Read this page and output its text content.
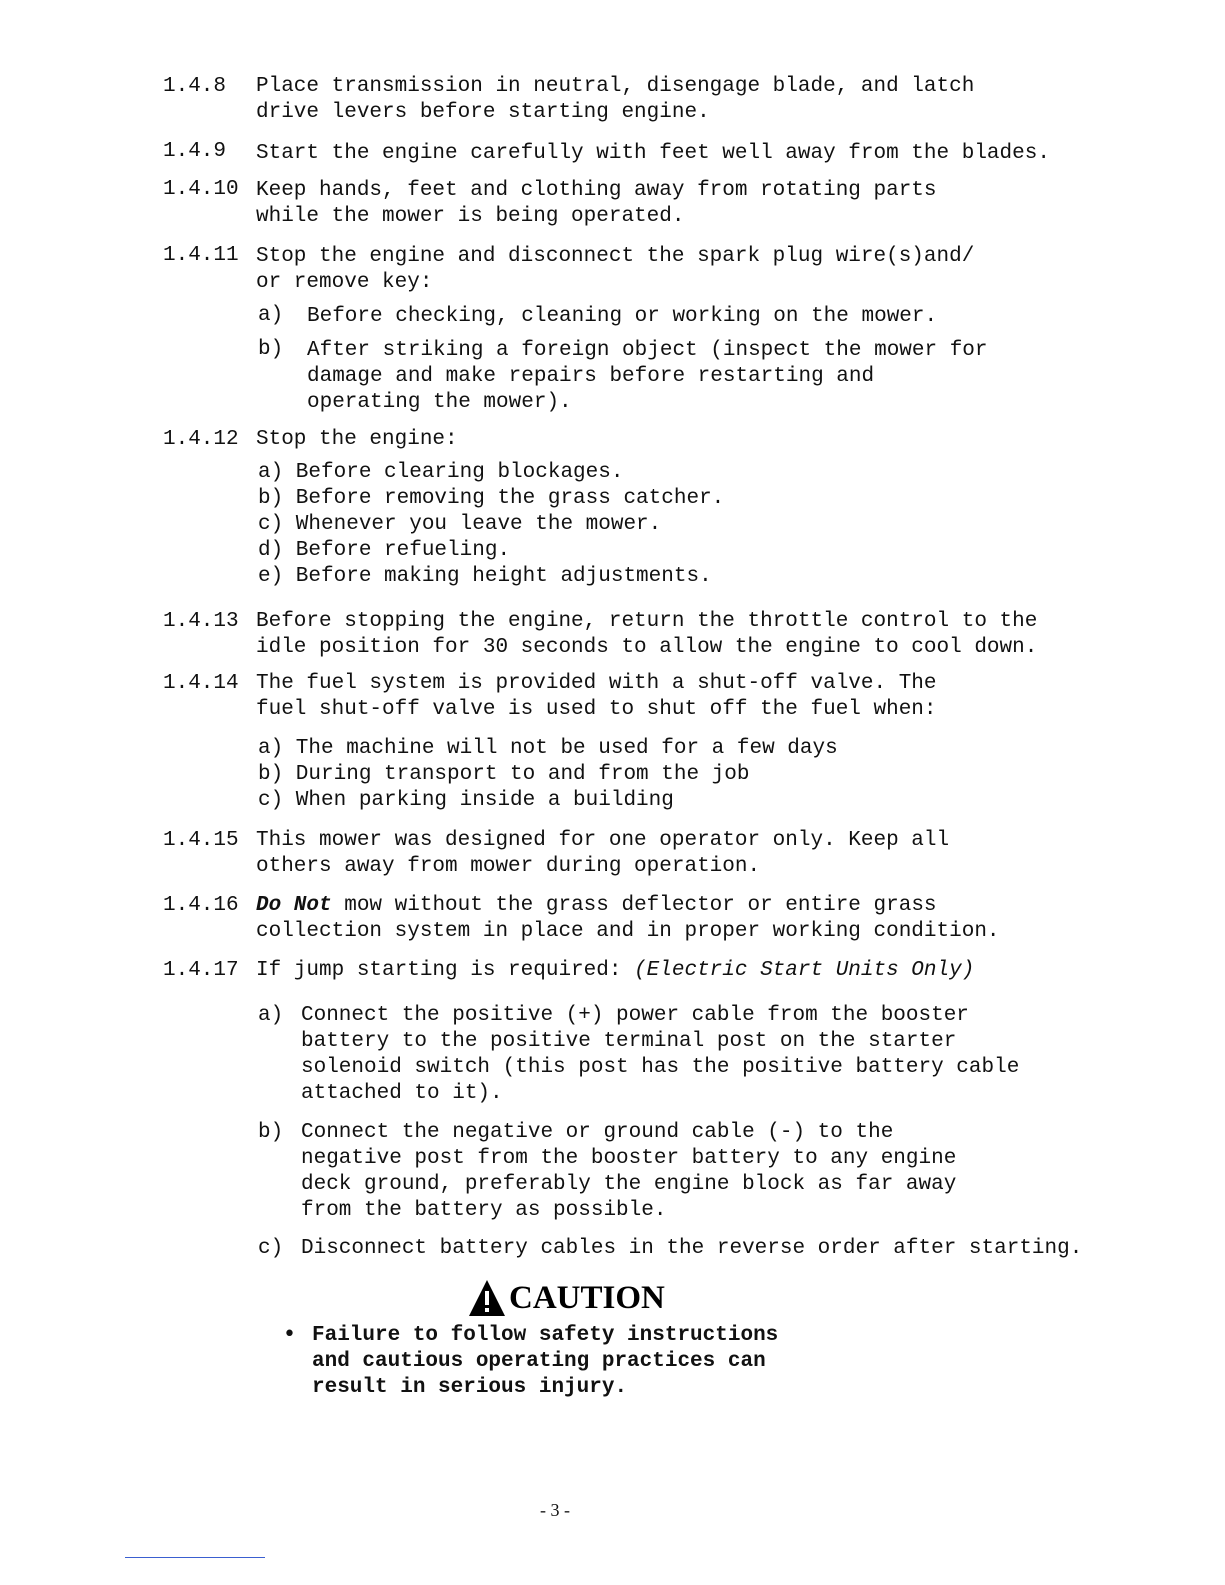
1.4.8 Place transmission in neutral, disengage blade, and latch
drive levers before starting engine.
1.4.9 Start the engine carefully with feet well away from the blades.
1.4.10 Keep hands, feet and clothing away from rotating parts
while the mower is being operated.
1.4.11 Stop the engine and disconnect the spark plug wire(s)and/
or remove key:
a) Before checking, cleaning or working on the mower.
b) After striking a foreign object (inspect the mower for
damage and make repairs before restarting and
operating the mower).
1.4.12 Stop the engine:
a) Before clearing blockages.
b) Before removing the grass catcher.
c) Whenever you leave the mower.
d) Before refueling.
e) Before making height adjustments.
1.4.13 Before stopping the engine, return the throttle control to the
idle position for 30 seconds to allow the engine to cool down.
1.4.14 The fuel system is provided with a shut-off valve. The
fuel shut-off valve is used to shut off the fuel when:
a) The machine will not be used for a few days
b) During transport to and from the job
c) When parking inside a building
1.4.15 This mower was designed for one operator only. Keep all
others away from mower during operation.
1.4.16 Do Not mow without the grass deflector or entire grass
collection system in place and in proper working condition.
1.4.17 If jump starting is required: (Electric Start Units Only)
a) Connect the positive (+) power cable from the booster
battery to the positive terminal post on the starter
solenoid switch (this post has the positive battery cable
attached to it).
b) Connect the negative or ground cable (-) to the
negative post from the booster battery to any engine
deck ground, preferably the engine block as far away
from the battery as possible.
c) Disconnect battery cables in the reverse order after starting.
CAUTION
• Failure to follow safety instructions
and cautious operating practices can
result in serious injury.
- 3 -
